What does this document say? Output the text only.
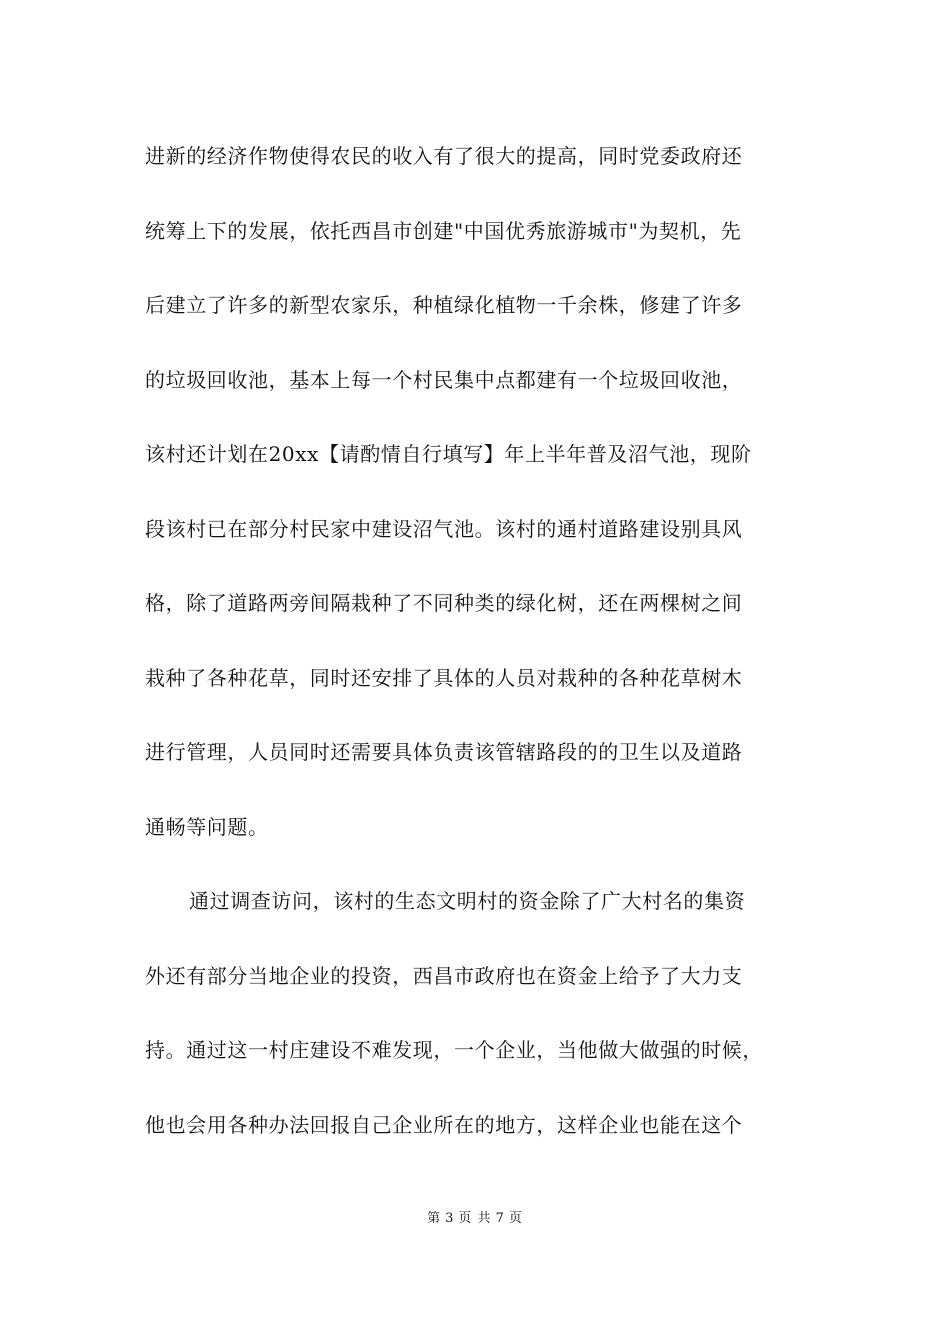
进新的经济作物使得农民的收入有了很大的提高，同时党委政府还
统筹上下的发展，依托西昌市创建"中国优秀旅游城市"为契机，先
后建立了许多的新型农家乐，种植绿化植物一千余株，修建了许多
的垃圾回收池，基本上每一个村民集中点都建有一个垃圾回收池，
该村还计划在20xx【请酌情自行填写】年上半年普及沼气池，现阶
段该村已在部分村民家中建设沼气池。该村的通村道路建设别具风
格，除了道路两旁间隔栽种了不同种类的绿化树，还在两棵树之间
栽种了各种花草，同时还安排了具体的人员对栽种的各种花草树木
进行管理，人员同时还需要具体负责该管辖路段的的卫生以及道路
通畅等问题。
通过调查访问，该村的生态文明村的资金除了广大村名的集资
外还有部分当地企业的投资，西昌市政府也在资金上给予了大力支
持。通过这一村庄建设不难发现，一个企业，当他做大做强的时候，
他也会用各种办法回报自己企业所在的地方，这样企业也能在这个
第 3 页 共 7 页
